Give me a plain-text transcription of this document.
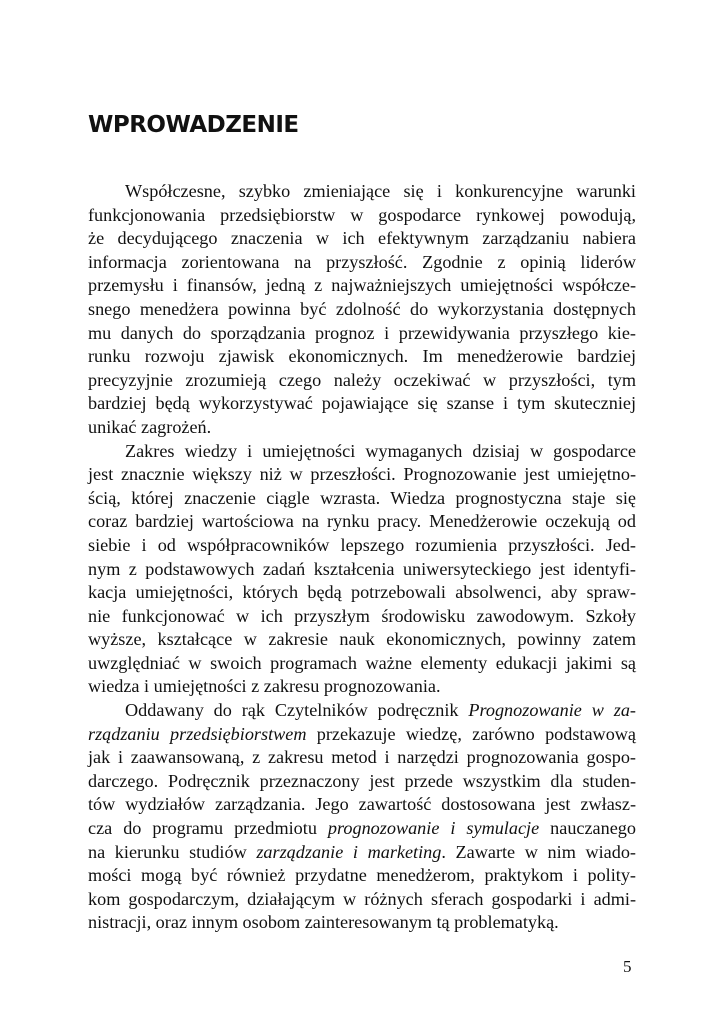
WPROWADZENIE
Współczesne, szybko zmieniające się i konkurencyjne warunki
funkcjonowania przedsiębiorstw w gospodarce rynkowej powodują,
że decydującego znaczenia w ich efektywnym zarządzaniu nabiera
informacja zorientowana na przyszłość. Zgodnie z opinią liderów
przemysłu i finansów, jedną z najważniejszych umiejętności współcze-
snego menedżera powinna być zdolność do wykorzystania dostępnych
mu danych do sporządzania prognoz i przewidywania przyszłego kie-
runku rozwoju zjawisk ekonomicznych. Im menedżerowie bardziej
precyzyjnie zrozumieją czego należy oczekiwać w przyszłości, tym
bardziej będą wykorzystywać pojawiające się szanse i tym skuteczniej
unikać zagrożeń.
Zakres wiedzy i umiejętności wymaganych dzisiaj w gospodarce
jest znacznie większy niż w przeszłości. Prognozowanie jest umiejętno-
ścią, której znaczenie ciągle wzrasta. Wiedza prognostyczna staje się
coraz bardziej wartościowa na rynku pracy. Menedżerowie oczekują od
siebie i od współpracowników lepszego rozumienia przyszłości. Jed-
nym z podstawowych zadań kształcenia uniwersyteckiego jest identyfi-
kacja umiejętności, których będą potrzebowali absolwenci, aby spraw-
nie funkcjonować w ich przyszłym środowisku zawodowym. Szkoły
wyższe, kształcące w zakresie nauk ekonomicznych, powinny zatem
uwzględniać w swoich programach ważne elementy edukacji jakimi są
wiedza i umiejętności z zakresu prognozowania.
Oddawany do rąk Czytelników podręcznik Prognozowanie w za-
rządzaniu przedsiębiorstwem przekazuje wiedzę, zarówno podstawową
jak i zaawansowaną, z zakresu metod i narzędzi prognozowania gospo-
darczego. Podręcznik przeznaczony jest przede wszystkim dla studen-
tów wydziałów zarządzania. Jego zawartość dostosowana jest zwłasz-
cza do programu przedmiotu prognozowanie i symulacje nauczanego
na kierunku studiów zarządzanie i marketing. Zawarte w nim wiado-
mości mogą być również przydatne menedżerom, praktykom i polity-
kom gospodarczym, działającym w różnych sferach gospodarki i admi-
nistracji, oraz innym osobom zainteresowanym tą problematyką.
5
